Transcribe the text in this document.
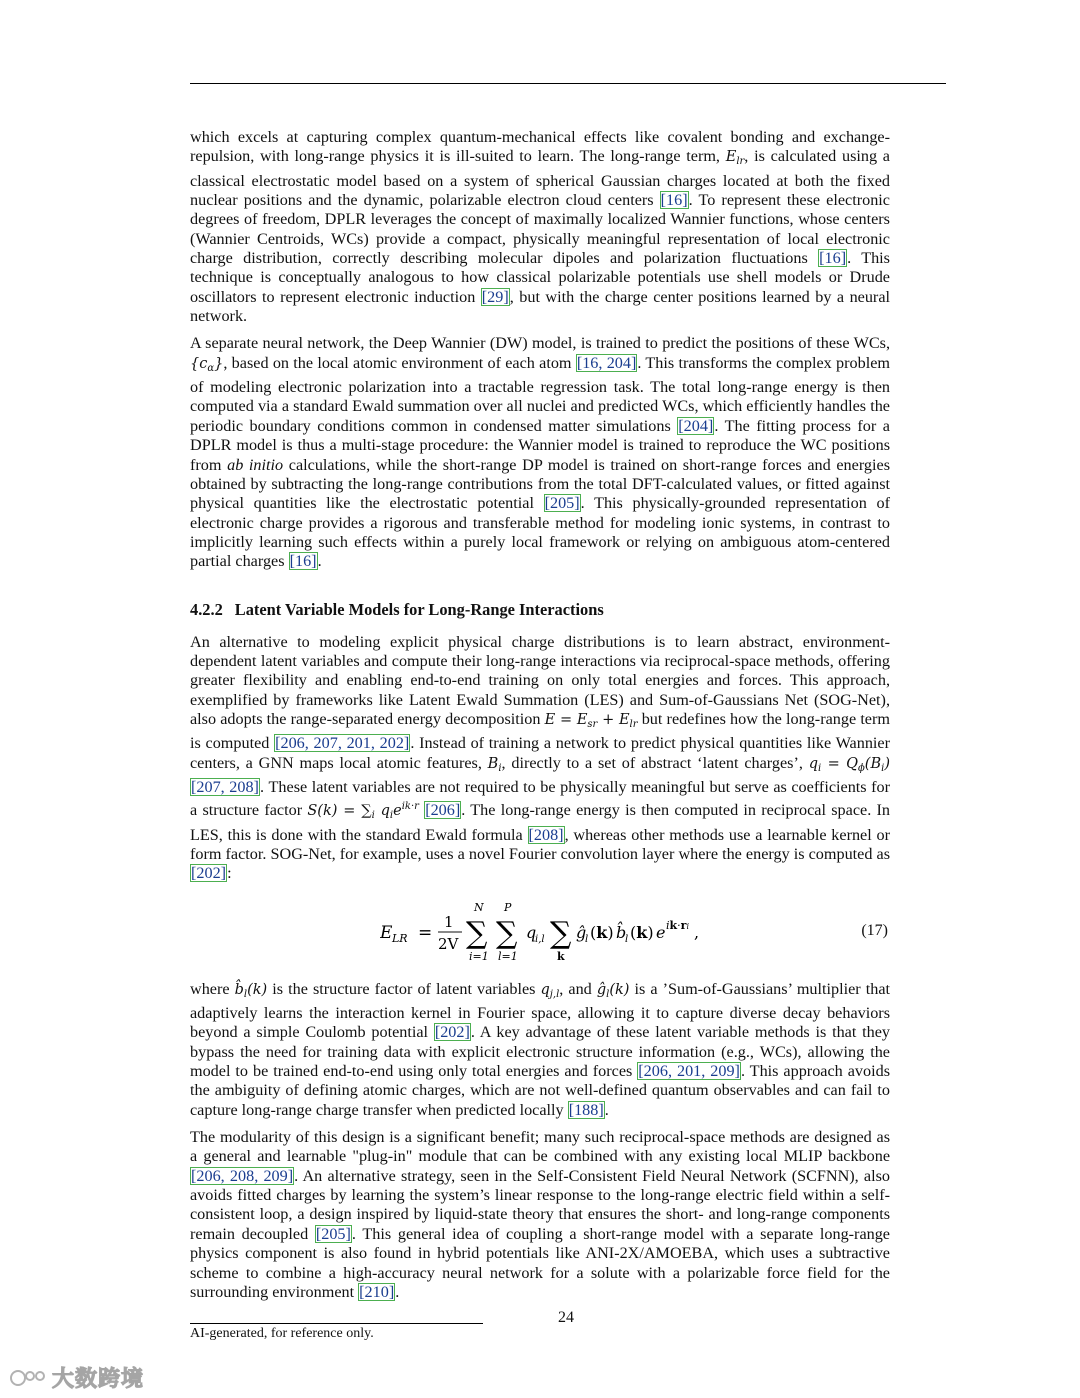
which excels at capturing complex quantum-mechanical effects like covalent bonding and exchange-repulsion, with long-range physics it is ill-suited to learn. The long-range term, $E_{lr}$, is calculated using a classical electrostatic model based on a system of spherical Gaussian charges located at both the fixed nuclear positions and the dynamic, polarizable electron cloud centers [16]. To represent these electronic degrees of freedom, DPLR leverages the concept of maximally localized Wannier functions, whose centers (Wannier Centroids, WCs) provide a compact, physically meaningful representation of local electronic charge distribution, correctly describing molecular dipoles and polarization fluctuations [16]. This technique is conceptually analogous to how classical polarizable potentials use shell models or Drude oscillators to represent electronic induction [29], but with the charge center positions learned by a neural network.

A separate neural network, the Deep Wannier (DW) model, is trained to predict the positions of these WCs, $\{c_\alpha\}$, based on the local atomic environment of each atom [16, 204]. This transforms the complex problem of modeling electronic polarization into a tractable regression task. The total long-range energy is then computed via a standard Ewald summation over all nuclei and predicted WCs, which efficiently handles the periodic boundary conditions common in condensed matter simulations [204]. The fitting process for a DPLR model is thus a multi-stage procedure: the Wannier model is trained to reproduce the WC positions from ab initio calculations, while the short-range DP model is trained on short-range forces and energies obtained by subtracting the long-range contributions from the total DFT-calculated values, or fitted against physical quantities like the electrostatic potential [205]. This physically-grounded representation of electronic charge provides a rigorous and transferable method for modeling ionic systems, in contrast to implicitly learning such effects within a purely local framework or relying on ambiguous atom-centered partial charges [16].

4.2.2 Latent Variable Models for Long-Range Interactions

An alternative to modeling explicit physical charge distributions is to learn abstract, environment-dependent latent variables and compute their long-range interactions via reciprocal-space methods, offering greater flexibility and enabling end-to-end training on only total energies and forces. This approach, exemplified by frameworks like Latent Ewald Summation (LES) and Sum-of-Gaussians Net (SOG-Net), also adopts the range-separated energy decomposition $E = E_{sr} + E_{lr}$ but redefines how the long-range term is computed [206, 207, 201, 202]. Instead of training a network to predict physical quantities like Wannier centers, a GNN maps local atomic features, $B_i$, directly to a set of abstract ‘latent charges’, $q_i = Q_\phi(B_i)$ [207, 208]. These latent variables are not required to be physically meaningful but serve as coefficients for a structure factor $S(k) = \sum_i$ $q_ie^{ik\cdot r}$ [206]. The long-range energy is then computed in reciprocal space. In LES, this is done with the standard Ewald formula [208], whereas other methods use a learnable kernel or form factor. SOG-Net, for example, uses a novel Fourier convolution layer where the energy is computed as [202]:

E LR =
1
2V
N
∑
i=1
P
∑
l=1
q
i,l ∑
k
ĝ
l (k) b̂
l (k) e ik·ri ,	(17)

where $b̂_l(k)$ is the structure factor of latent variables $q_{j,l}$, and $ĝ_l(k)$ is a ’Sum-of-Gaussians’ multiplier that adaptively learns the interaction kernel in Fourier space, allowing it to capture diverse decay behaviors beyond a simple Coulomb potential [202]. A key advantage of these latent variable methods is that they bypass the need for training data with explicit electronic structure information (e.g., WCs), allowing the model to be trained end-to-end using only total energies and forces [206, 201, 209]. This approach avoids the ambiguity of defining atomic charges, which are not well-defined quantum observables and can fail to capture long-range charge transfer when predicted locally [188].

The modularity of this design is a significant benefit; many such reciprocal-space methods are designed as a general and learnable "plug-in" module that can be combined with any existing local MLIP backbone [206, 208, 209]. An alternative strategy, seen in the Self-Consistent Field Neural Network (SCFNN), also avoids fitted charges by learning the system’s linear response to the long-range electric field within a self-consistent loop, a design inspired by liquid-state theory that ensures the short- and long-range components remain decoupled [205]. This general idea of coupling a short-range model with a separate long-range physics component is also found in hybrid potentials like ANI-2X/AMOEBA, which uses a subtractive scheme to combine a high-accuracy neural network for a solute with a polarizable force field for the surrounding environment [210].

24
AI-generated, for reference only.
大数跨境
